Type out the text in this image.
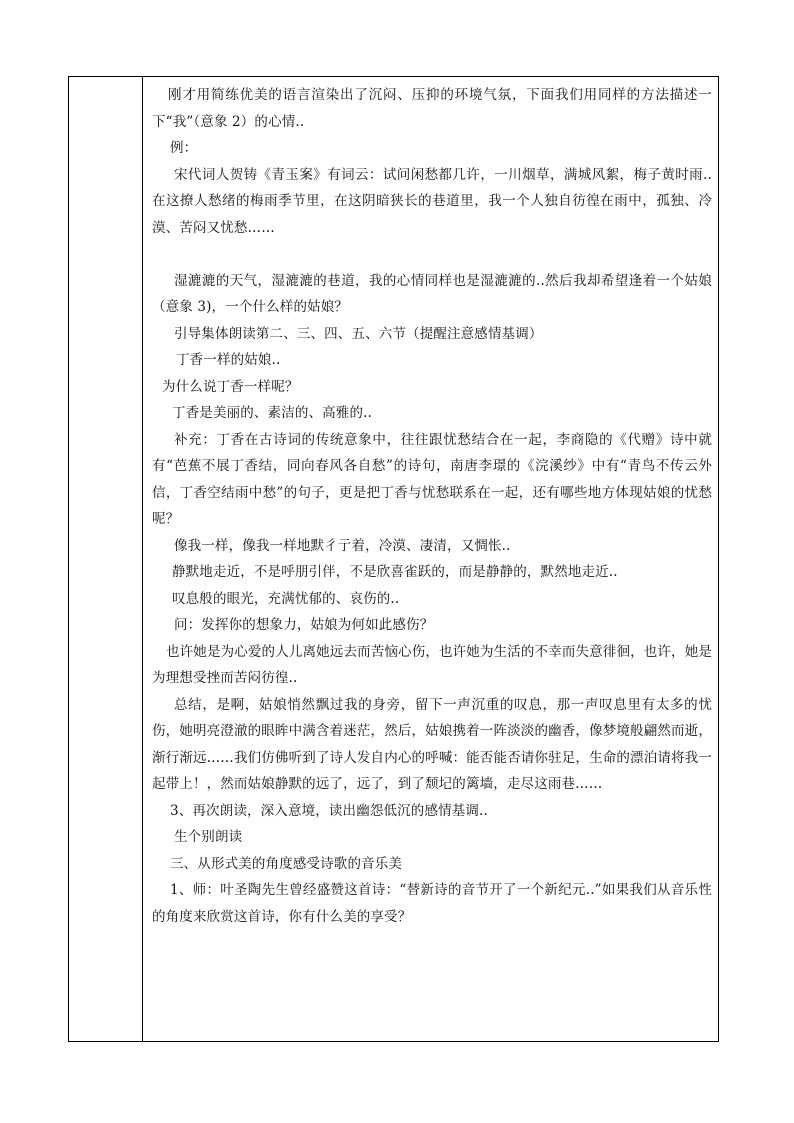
刚才用简练优美的语言渲染出了沉闷、压抑的环境气氛，下面我们用同样的方法描述一下“我”（意象 2）的心情..

例：

宋代词人贺铸《青玉案》有词云：试问闲愁都几许，一川烟草，满城风絮，梅子黄时雨.. 在这撩人愁绪的梅雨季节里，在这阴暗狭长的巷道里，我一个人独自彷徨在雨中，孤独、冷漠、苦闷又忧愁……

湿漉漉的天气，湿漉漉的巷道，我的心情同样也是湿漉漉的..然后我却希望逢着一个姑娘（意象 3)，一个什么样的姑娘？

引导集体朗读第二、三、四、五、六节（提醒注意感情基调）

丁香一样的姑娘..

为什么说丁香一样呢？

丁香是美丽的、素洁的、高雅的..

补充：丁香在古诗词的传统意象中，往往跟忧愁结合在一起，李商隐的《代赠》诗中就有“芭蕉不展丁香结，同向春风各自愁”的诗句，南唐李璟的《浣溪纱》中有“青鸟不传云外信，丁香空结雨中愁”的句子，更是把丁香与忧愁联系在一起，还有哪些地方体现姑娘的忧愁呢？

像我一样，像我一样地默彳亍着，冷漠、凄清，又惆怅..

静默地走近，不是呼朋引伴，不是欣喜雀跃的，而是静静的，默然地走近..

叹息般的眼光，充满忧郁的、哀伤的..

问：发挥你的想象力，姑娘为何如此感伤？

也许她是为心爱的人儿离她远去而苦恼心伤，也许她为生活的不幸而失意徘徊，也许，她是为理想受挫而苦闷彷徨..

总结，是啊，姑娘悄然飘过我的身旁，留下一声沉重的叹息，那一声叹息里有太多的忧伤，她明亮澄澈的眼眸中满含着迷茫，然后，姑娘携着一阵淡淡的幽香，像梦境般翩然而逝，渐行渐远……我们仿佛听到了诗人发自内心的呼喊：能否能否请你驻足，生命的漂泊请将我一起带上！，然而姑娘静默的远了，远了，到了颓圮的篱墙，走尽这雨巷……

3、再次朗读，深入意境，读出幽怨低沉的感情基调..

生个别朗读

三、从形式美的角度感受诗歌的音乐美

1、师：叶圣陶先生曾经盛赞这首诗：“替新诗的音节开了一个新纪元..”如果我们从音乐性的角度来欣赏这首诗，你有什么美的享受？
